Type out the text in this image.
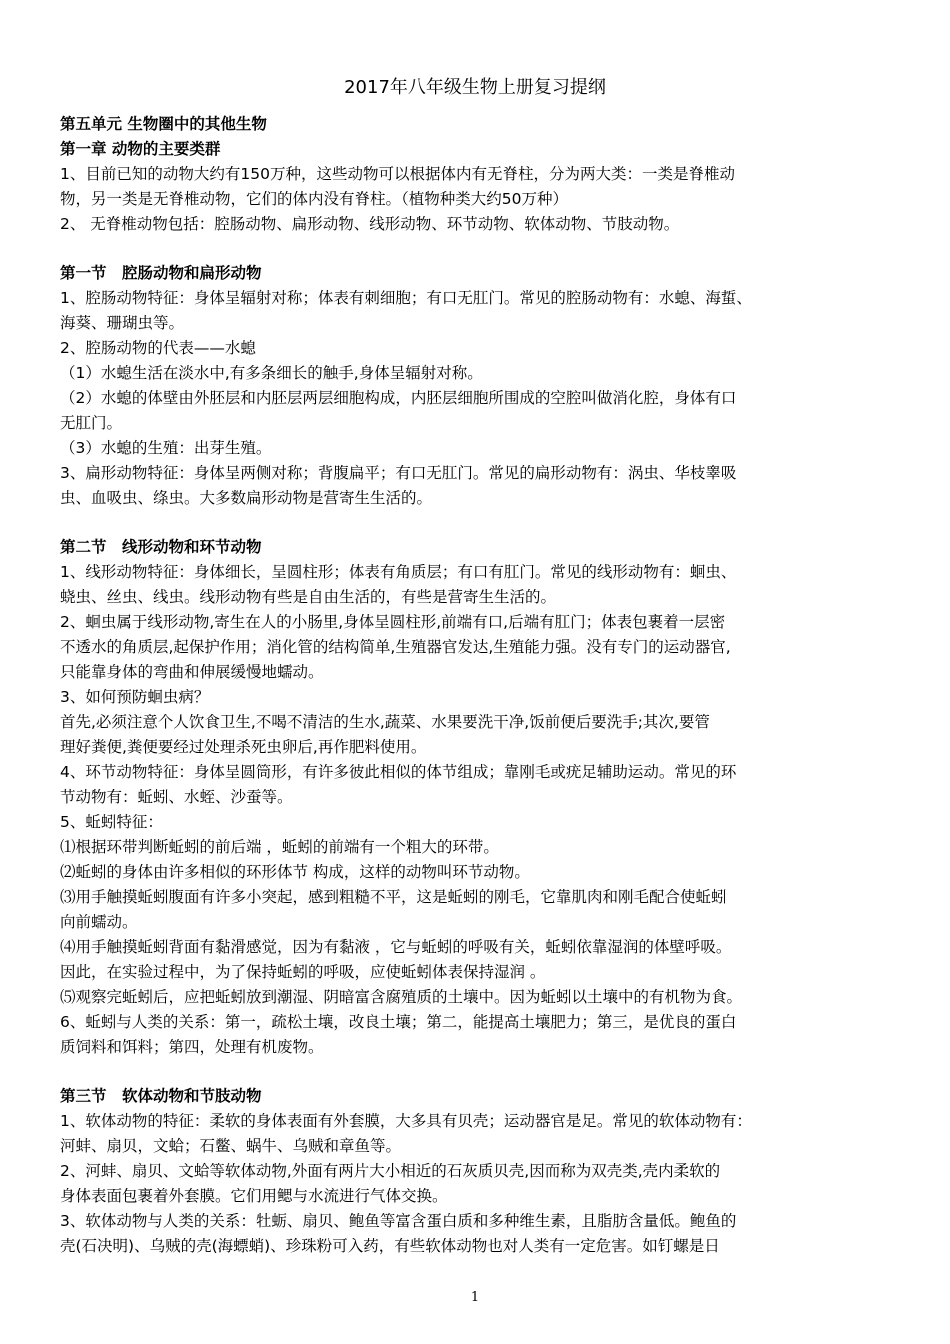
2017年八年级生物上册复习提纲

第五单元 生物圈中的其他生物

第一章 动物的主要类群

1、目前已知的动物大约有150万种，这些动物可以根据体内有无脊柱，分为两大类：一类是脊椎动

物，另一类是无脊椎动物，它们的体内没有脊柱。（植物种类大约50万种）

2、 无脊椎动物包括：腔肠动物、扁形动物、线形动物、环节动物、软体动物、节肢动物。

第一节　腔肠动物和扁形动物

1、腔肠动物特征：身体呈辐射对称；体表有刺细胞；有口无肛门。常见的腔肠动物有：水螅、海蜇、

海葵、珊瑚虫等。

2、腔肠动物的代表——水螅

（1）水螅生活在淡水中,有多条细长的触手,身体呈辐射对称。

（2）水螅的体壁由外胚层和内胚层两层细胞构成，内胚层细胞所围成的空腔叫做消化腔，身体有口

无肛门。

（3）水螅的生殖：出芽生殖。

3、扁形动物特征：身体呈两侧对称；背腹扁平；有口无肛门。常见的扁形动物有：涡虫、华枝睾吸

虫、血吸虫、绦虫。大多数扁形动物是营寄生生活的。

第二节　线形动物和环节动物

1、线形动物特征：身体细长，呈圆柱形；体表有角质层；有口有肛门。常见的线形动物有：蛔虫、

蛲虫、丝虫、线虫。线形动物有些是自由生活的，有些是营寄生生活的。

2、蛔虫属于线形动物,寄生在人的小肠里,身体呈圆柱形,前端有口,后端有肛门；体表包裹着一层密

不透水的角质层,起保护作用；消化管的结构简单,生殖器官发达,生殖能力强。没有专门的运动器官,

只能靠身体的弯曲和伸展缓慢地蠕动。

3、如何预防蛔虫病？

首先,必须注意个人饮食卫生,不喝不清洁的生水,蔬菜、水果要洗干净,饭前便后要洗手;其次,要管

理好粪便,粪便要经过处理杀死虫卵后,再作肥料使用。

4、环节动物特征：身体呈圆筒形，有许多彼此相似的体节组成；靠刚毛或疣足辅助运动。常见的环

节动物有：蚯蚓、水蛭、沙蚕等。

5、蚯蚓特征：

⑴根据环带判断蚯蚓的前后端 ，蚯蚓的前端有一个粗大的环带。

⑵蚯蚓的身体由许多相似的环形体节 构成，这样的动物叫环节动物。

⑶用手触摸蚯蚓腹面有许多小突起，感到粗糙不平，这是蚯蚓的刚毛，它靠肌肉和刚毛配合使蚯蚓

向前蠕动。

⑷用手触摸蚯蚓背面有黏滑感觉，因为有黏液 ，它与蚯蚓的呼吸有关，蚯蚓依靠湿润的体壁呼吸。

因此，在实验过程中，为了保持蚯蚓的呼吸，应使蚯蚓体表保持湿润 。

⑸观察完蚯蚓后，应把蚯蚓放到潮湿、阴暗富含腐殖质的土壤中。因为蚯蚓以土壤中的有机物为食。

6、蚯蚓与人类的关系：第一，疏松土壤，改良土壤；第二，能提高土壤肥力；第三，是优良的蛋白

质饲料和饵料；第四，处理有机废物。

第三节　软体动物和节肢动物

1、软体动物的特征：柔软的身体表面有外套膜，大多具有贝壳；运动器官是足。常见的软体动物有：

河蚌、扇贝，文蛤；石鳖、蜗牛、乌贼和章鱼等。

2、河蚌、扇贝、文蛤等软体动物,外面有两片大小相近的石灰质贝壳,因而称为双壳类,壳内柔软的

身体表面包裹着外套膜。它们用鳃与水流进行气体交换。

3、软体动物与人类的关系：牡蛎、扇贝、鲍鱼等富含蛋白质和多种维生素，且脂肪含量低。鲍鱼的

壳(石决明)、乌贼的壳(海螵蛸)、珍珠粉可入药，有些软体动物也对人类有一定危害。如钉螺是日

1
